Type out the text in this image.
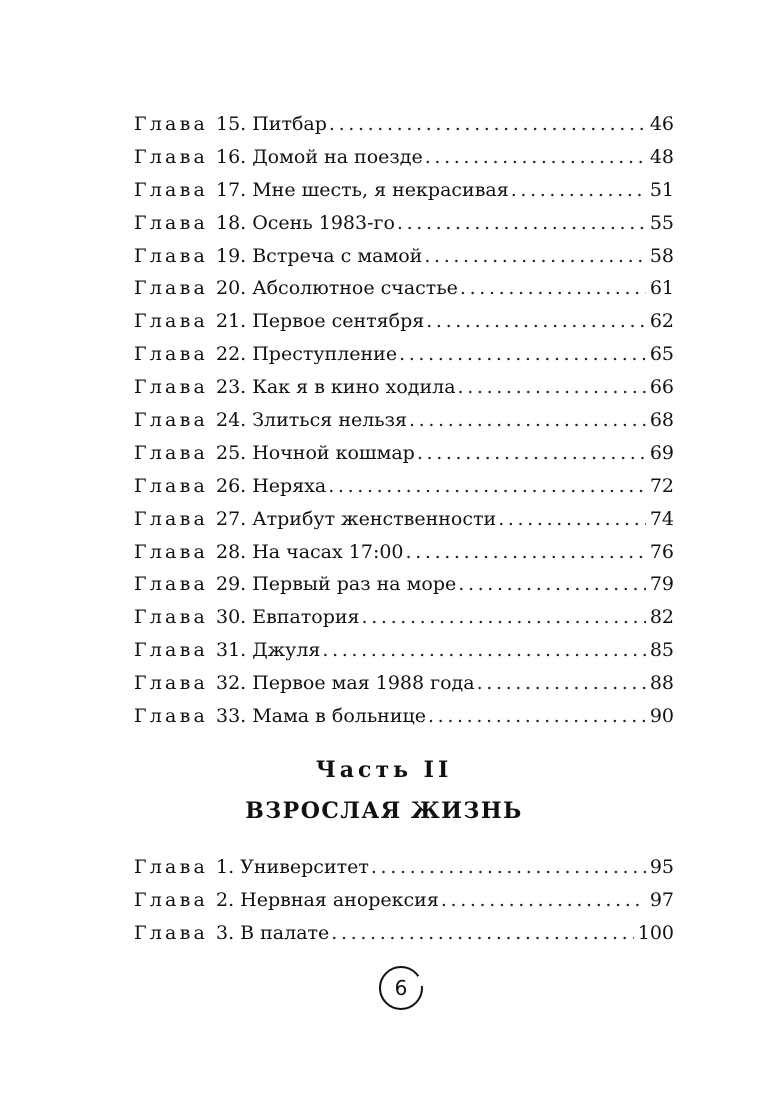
Глава 15. Питбар . . .	46
Глава 16. Домой на поезде . . .	48
Глава 17. Мне шесть, я некрасивая . . .	51
Глава 18. Осень 1983-го . . .	55
Глава 19. Встреча с мамой . . .	58
Глава 20. Абсолютное счастье . . .	61
Глава 21. Первое сентября . . .	62
Глава 22. Преступление . . .	65
Глава 23. Как я в кино ходила . . .	66
Глава 24. Злиться нельзя . . .	68
Глава 25. Ночной кошмар . . .	69
Глава 26. Неряха . . .	72
Глава 27. Атрибут женственности . . .	74
Глава 28. На часах 17:00 . . .	76
Глава 29. Первый раз на море . . .	79
Глава 30. Евпатория . . .	82
Глава 31. Джуля . . .	85
Глава 32. Первое мая 1988 года . . .	88
Глава 33. Мама в больнице . . .	90
Часть II
ВЗРОСЛАЯ ЖИЗНЬ
Глава 1. Университет . . .	95
Глава 2. Нервная анорексия . . .	97
Глава 3. В палате . . .	100
6
